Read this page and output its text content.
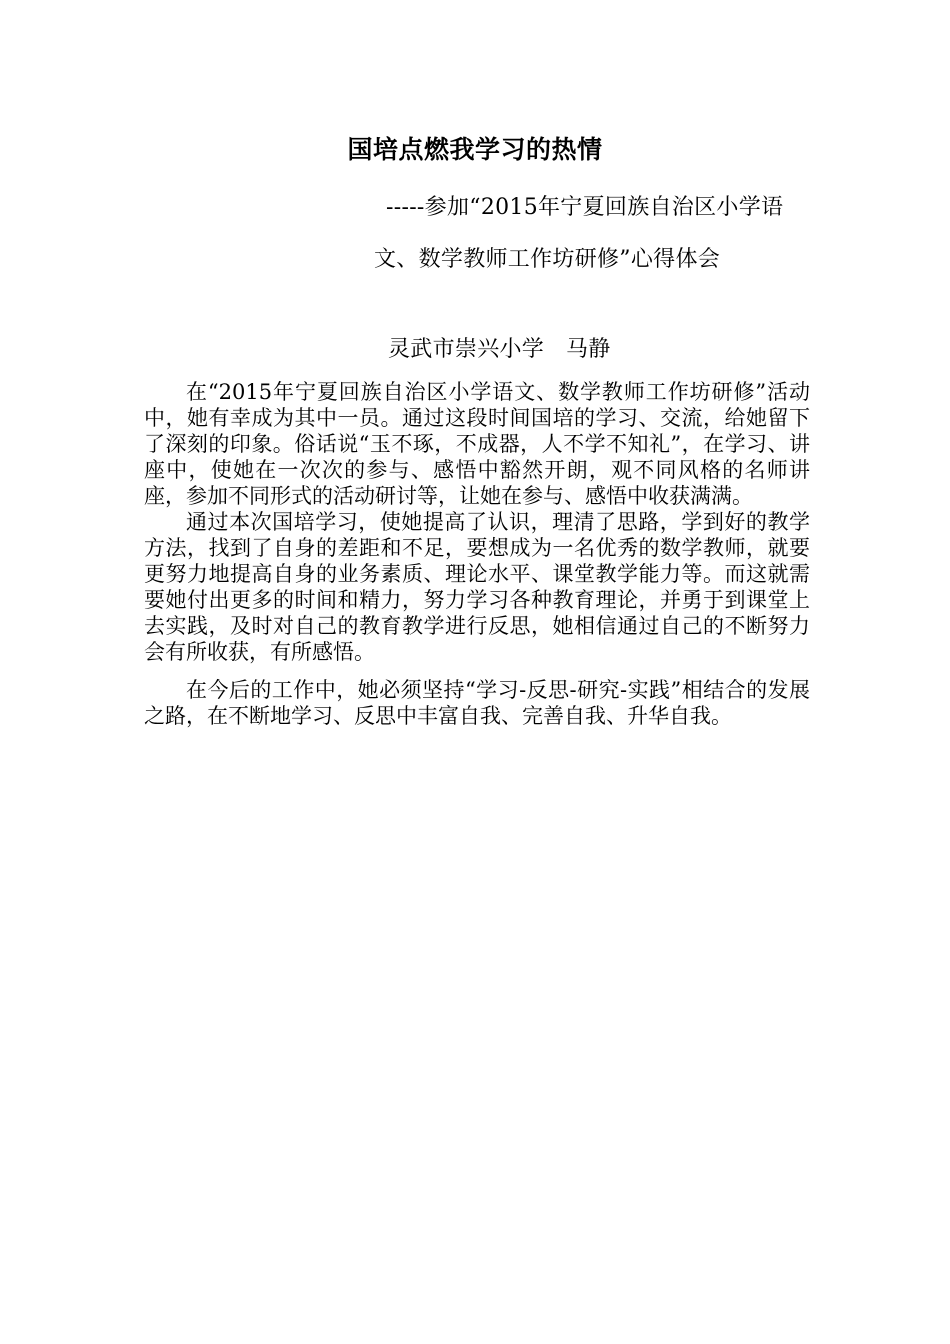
国培点燃我学习的热情
-----参加“2015年宁夏回族自治区小学语文、数学教师工作坊研修”心得体会
灵武市崇兴小学   马静

在“2015年宁夏回族自治区小学语文、数学教师工作坊研修”活动中，她有幸成为其中一员。通过这段时间国培的学习、交流，给她留下了深刻的印象。俗话说“玉不琢，不成器，人不学不知礼”，在学习、讲座中，使她在一次次的参与、感悟中豁然开朗，观不同风格的名师讲座，参加不同形式的活动研讨等，让她在参与、感悟中收获满满。

通过本次国培学习，使她提高了认识，理清了思路，学到好的教学方法，找到了自身的差距和不足，要想成为一名优秀的数学教师，就要更努力地提高自身的业务素质、理论水平、课堂教学能力等。而这就需要她付出更多的时间和精力，努力学习各种教育理论，并勇于到课堂上去实践，及时对自己的教育教学进行反思，她相信通过自己的不断努力会有所收获，有所感悟。

在今后的工作中，她必须坚持“学习-反思-研究-实践”相结合的发展之路，在不断地学习、反思中丰富自我、完善自我、升华自我。
